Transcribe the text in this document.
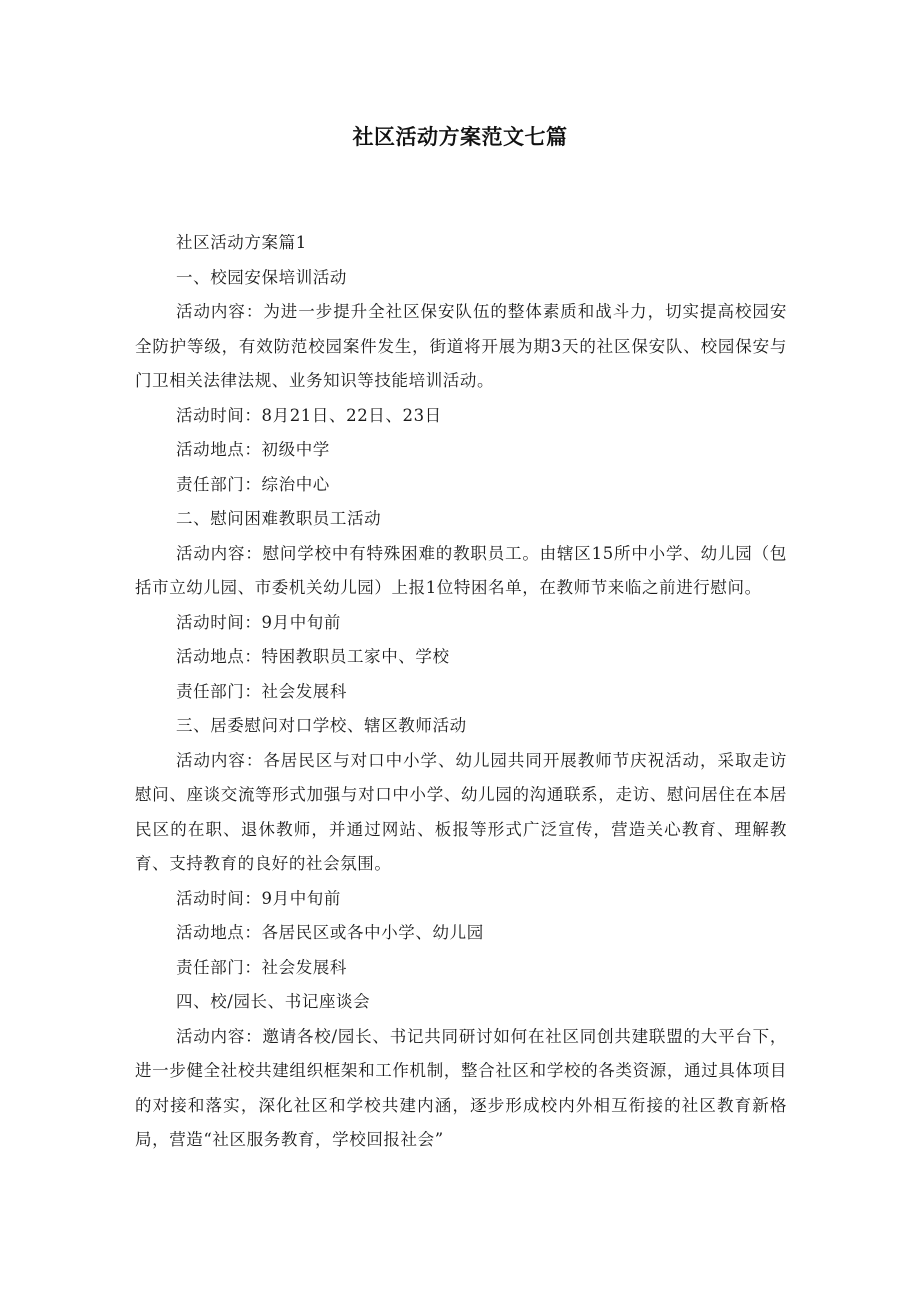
社区活动方案范文七篇

社区活动方案篇1

一、校园安保培训活动

活动内容：为进一步提升全社区保安队伍的整体素质和战斗力，切实提高校园安全防护等级，有效防范校园案件发生，街道将开展为期3天的社区保安队、校园保安与门卫相关法律法规、业务知识等技能培训活动。

活动时间：8月21日、22日、23日

活动地点：初级中学

责任部门：综治中心

二、慰问困难教职员工活动

活动内容：慰问学校中有特殊困难的教职员工。由辖区15所中小学、幼儿园（包括市立幼儿园、市委机关幼儿园）上报1位特困名单，在教师节来临之前进行慰问。

活动时间：9月中旬前

活动地点：特困教职员工家中、学校

责任部门：社会发展科

三、居委慰问对口学校、辖区教师活动

活动内容：各居民区与对口中小学、幼儿园共同开展教师节庆祝活动，采取走访慰问、座谈交流等形式加强与对口中小学、幼儿园的沟通联系，走访、慰问居住在本居民区的在职、退休教师，并通过网站、板报等形式广泛宣传，营造关心教育、理解教育、支持教育的良好的社会氛围。

活动时间：9月中旬前

活动地点：各居民区或各中小学、幼儿园

责任部门：社会发展科

四、校/园长、书记座谈会

活动内容：邀请各校/园长、书记共同研讨如何在社区同创共建联盟的大平台下，进一步健全社校共建组织框架和工作机制，整合社区和学校的各类资源，通过具体项目的对接和落实，深化社区和学校共建内涵，逐步形成校内外相互衔接的社区教育新格局，营造“社区服务教育，学校回报社会”
